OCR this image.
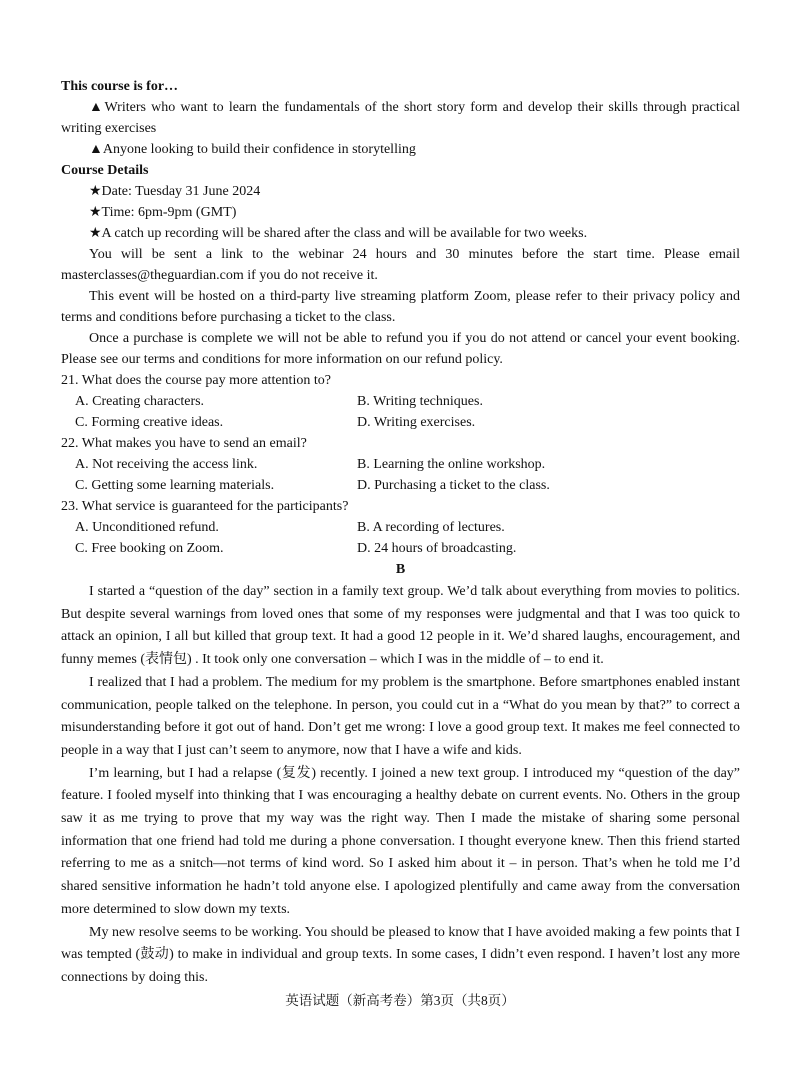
This course is for…

▲Writers who want to learn the fundamentals of the short story form and develop their skills through practical writing exercises

▲Anyone looking to build their confidence in storytelling

Course Details

★Date: Tuesday 31 June 2024

★Time: 6pm-9pm (GMT)

★A catch up recording will be shared after the class and will be available for two weeks.

You will be sent a link to the webinar 24 hours and 30 minutes before the start time. Please email masterclasses@theguardian.com if you do not receive it.

This event will be hosted on a third-party live streaming platform Zoom, please refer to their privacy policy and terms and conditions before purchasing a ticket to the class.

Once a purchase is complete we will not be able to refund you if you do not attend or cancel your event booking. Please see our terms and conditions for more information on our refund policy.

21. What does the course pay more attention to?

A. Creating characters.	B. Writing techniques.
C. Forming creative ideas.	D. Writing exercises.

22. What makes you have to send an email?

A. Not receiving the access link.	B. Learning the online workshop.
C. Getting some learning materials.	D. Purchasing a ticket to the class.

23. What service is guaranteed for the participants?

A. Unconditioned refund.	B. A recording of lectures.
C. Free booking on Zoom.	D. 24 hours of broadcasting.

B

I started a “question of the day” section in a family text group. We’d talk about everything from movies to politics. But despite several warnings from loved ones that some of my responses were judgmental and that I was too quick to attack an opinion, I all but killed that group text. It had a good 12 people in it. We’d shared laughs, encouragement, and funny memes (表情包) . It took only one conversation – which I was in the middle of – to end it.

I realized that I had a problem. The medium for my problem is the smartphone. Before smartphones enabled instant communication, people talked on the telephone. In person, you could cut in a “What do you mean by that?” to correct a misunderstanding before it got out of hand. Don’t get me wrong: I love a good group text. It makes me feel connected to people in a way that I just can’t seem to anymore, now that I have a wife and kids.

I’m learning, but I had a relapse (复发) recently. I joined a new text group. I introduced my “question of the day” feature. I fooled myself into thinking that I was encouraging a healthy debate on current events. No. Others in the group saw it as me trying to prove that my way was the right way. Then I made the mistake of sharing some personal information that one friend had told me during a phone conversation. I thought everyone knew. Then this friend started referring to me as a snitch—not terms of kind word. So I asked him about it – in person. That’s when he told me I’d shared sensitive information he hadn’t told anyone else. I apologized plentifully and came away from the conversation more determined to slow down my texts.

My new resolve seems to be working. You should be pleased to know that I have avoided making a few points that I was tempted (鼓动) to make in individual and group texts. In some cases, I didn’t even respond. I haven’t lost any more connections by doing this.

英语试题（新高考卷）第3页（共8页）
